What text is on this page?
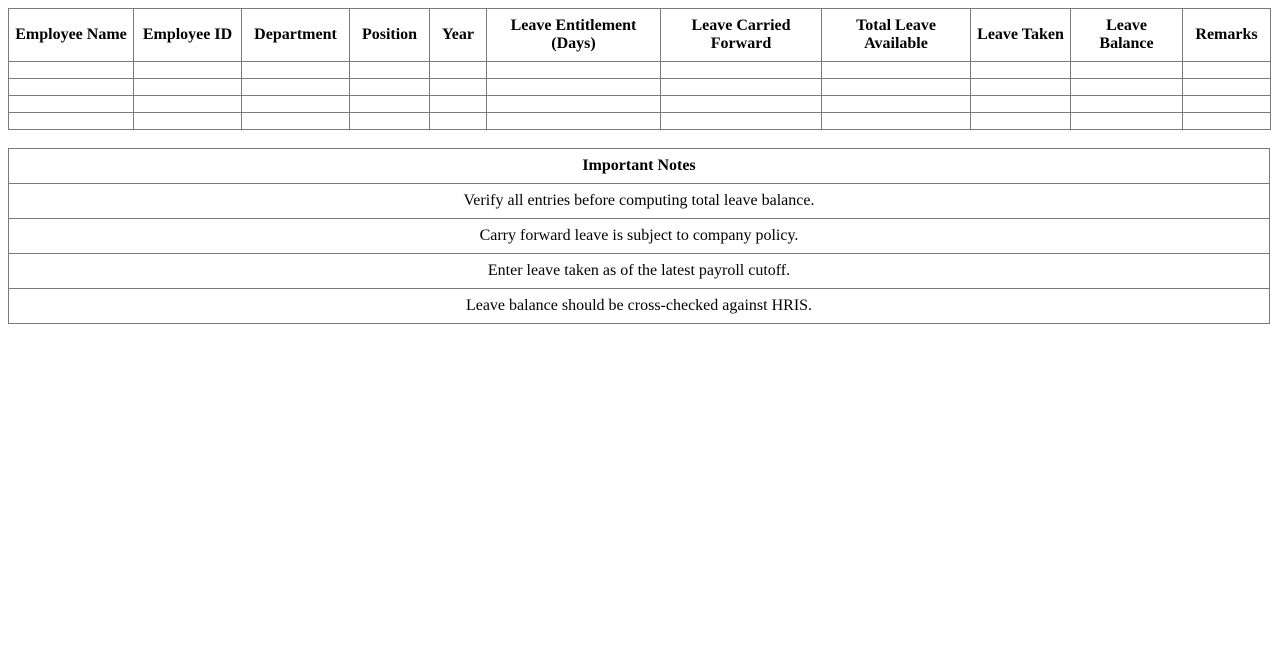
Employee Name	Employee ID	Department	Position	Year	Leave Entitlement (Days)	Leave Carried Forward	Total Leave Available	Leave Taken	Leave Balance	Remarks

Important Notes
Verify all entries before computing total leave balance.
Carry forward leave is subject to company policy.
Enter leave taken as of the latest payroll cutoff.
Leave balance should be cross-checked against HRIS.
